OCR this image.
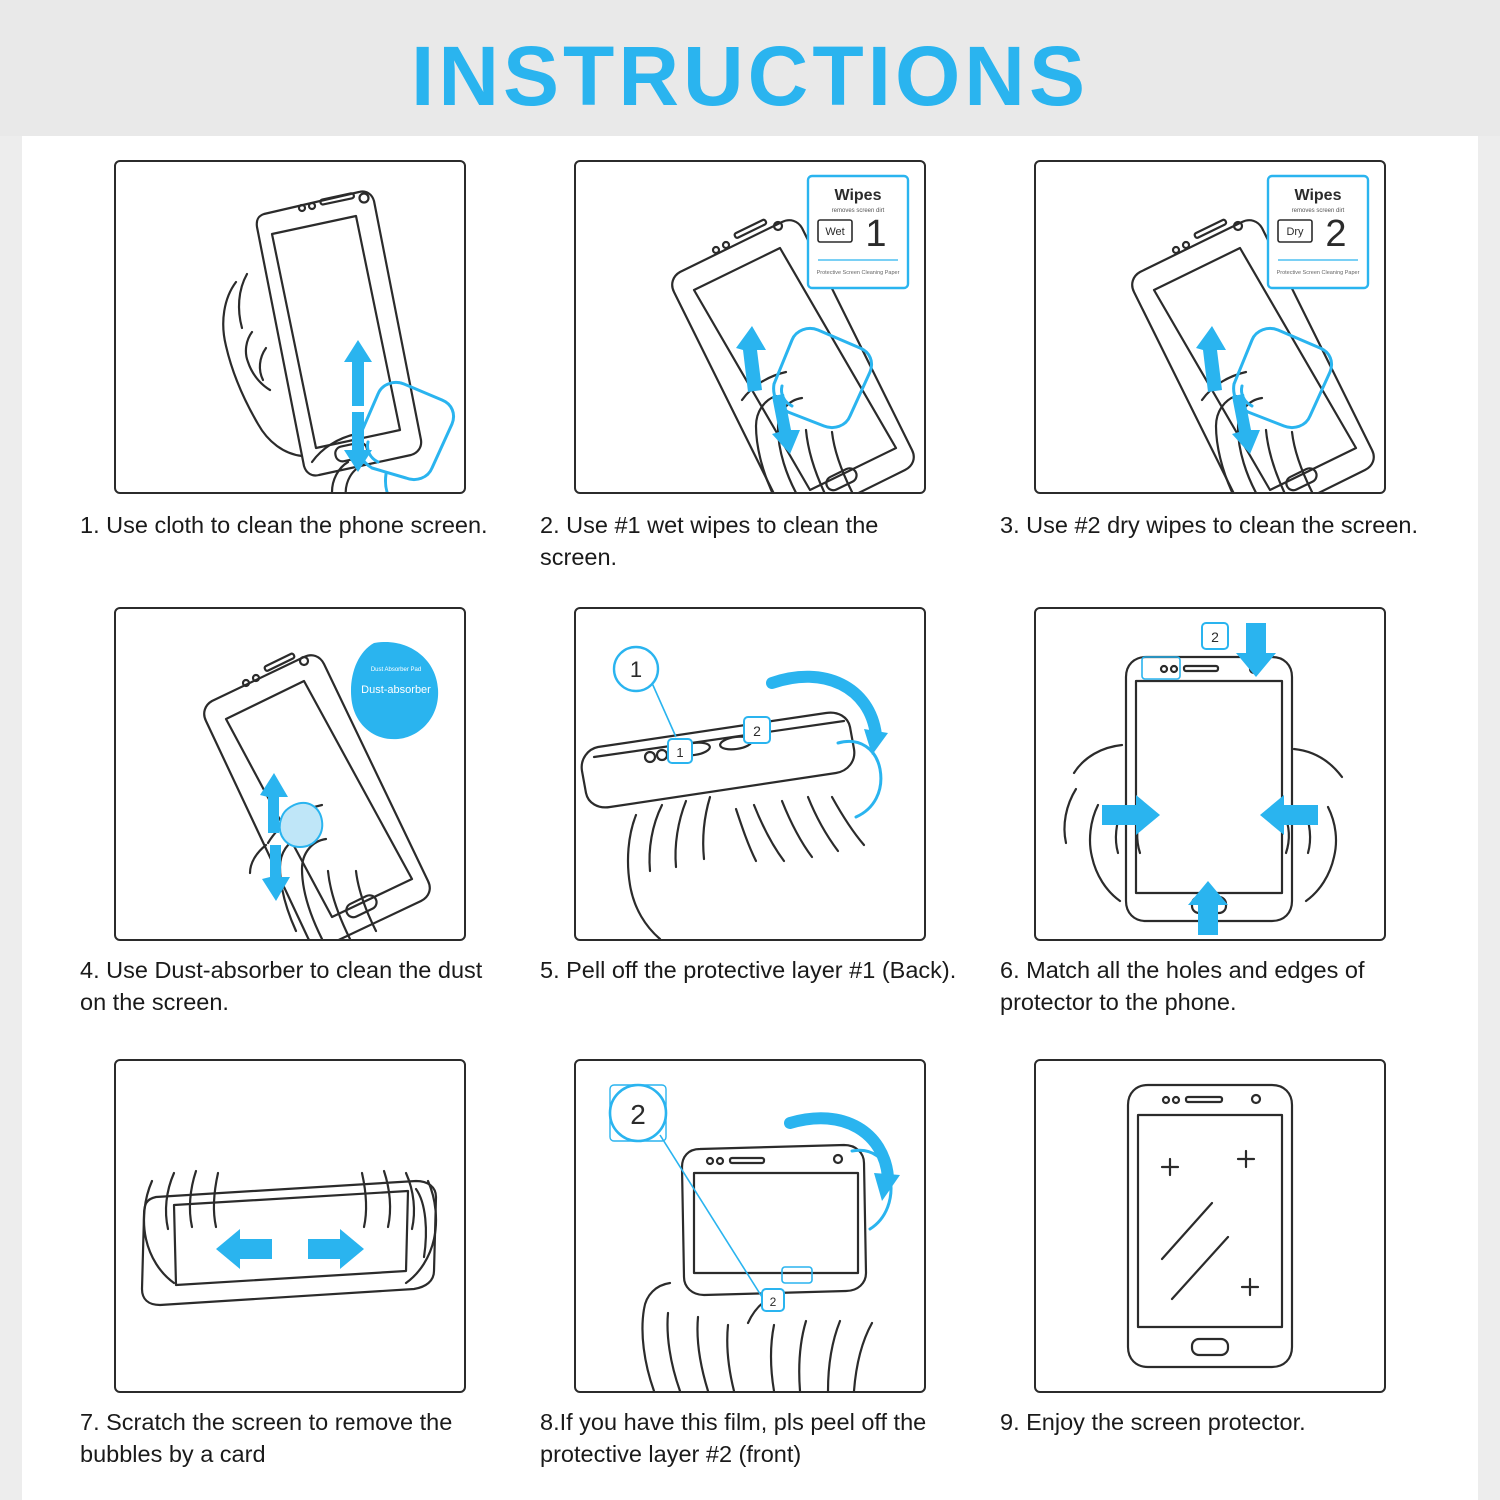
INSTRUCTIONS
1. Use cloth to clean the phone screen.
Wipes
removes screen dirt
Wet 1
Protective Screen Cleaning Paper
2. Use #1 wet wipes to clean the screen.
Wipes
removes screen dirt
Dry 2
Protective Screen Cleaning Paper
3. Use #2 dry wipes to clean the screen.
Dust Absorber Pad
Dust-absorber
4. Use Dust-absorber to clean the dust on the screen.
2
1
1
5. Pell off the protective layer #1 (Back).
2
6. Match all the holes and edges of protector to the phone.
7. Scratch the screen to remove the bubbles by a card
2
2
8.If you have this film, pls peel off the protective layer #2 (front)
9. Enjoy the screen protector.
